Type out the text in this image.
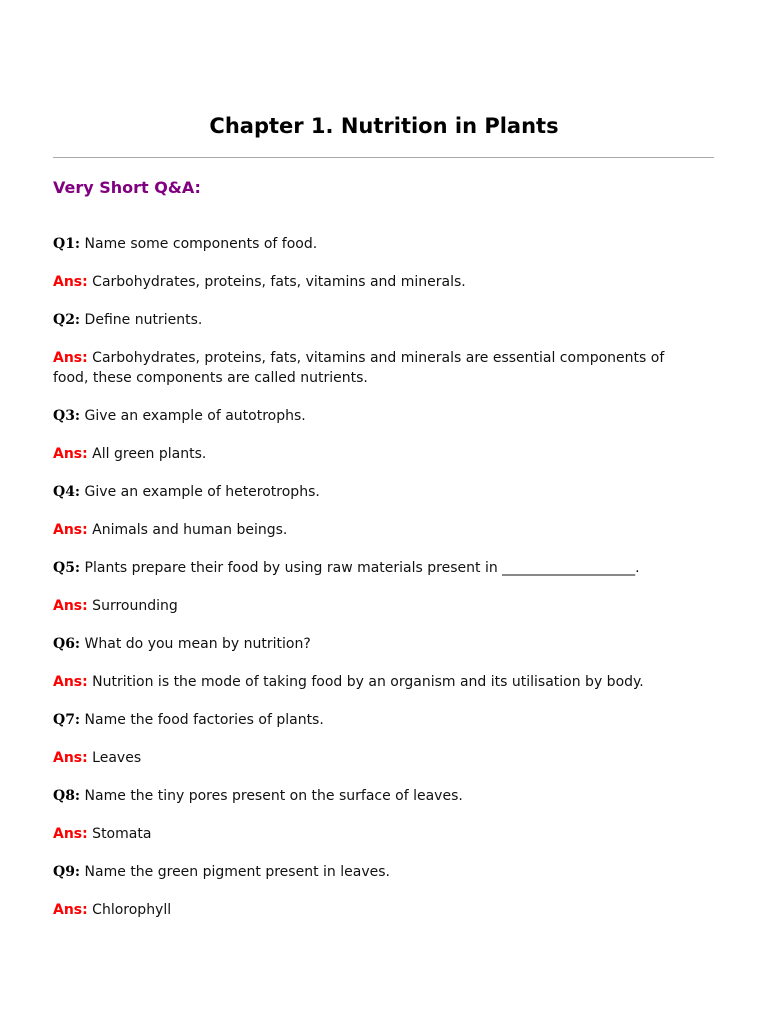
Chapter 1. Nutrition in Plants
Very Short Q&A:

Q1: Name some components of food.

Ans: Carbohydrates, proteins, fats, vitamins and minerals.

Q2: Define nutrients.

Ans: Carbohydrates, proteins, fats, vitamins and minerals are essential components of food, these components are called nutrients.

Q3: Give an example of autotrophs.

Ans: All green plants.

Q4: Give an example of heterotrophs.

Ans: Animals and human beings.

Q5: Plants prepare their food by using raw materials present in ___________________.

Ans: Surrounding

Q6: What do you mean by nutrition?

Ans: Nutrition is the mode of taking food by an organism and its utilisation by body.

Q7: Name the food factories of plants.

Ans: Leaves

Q8: Name the tiny pores present on the surface of leaves.

Ans: Stomata

Q9: Name the green pigment present in leaves.

Ans: Chlorophyll
